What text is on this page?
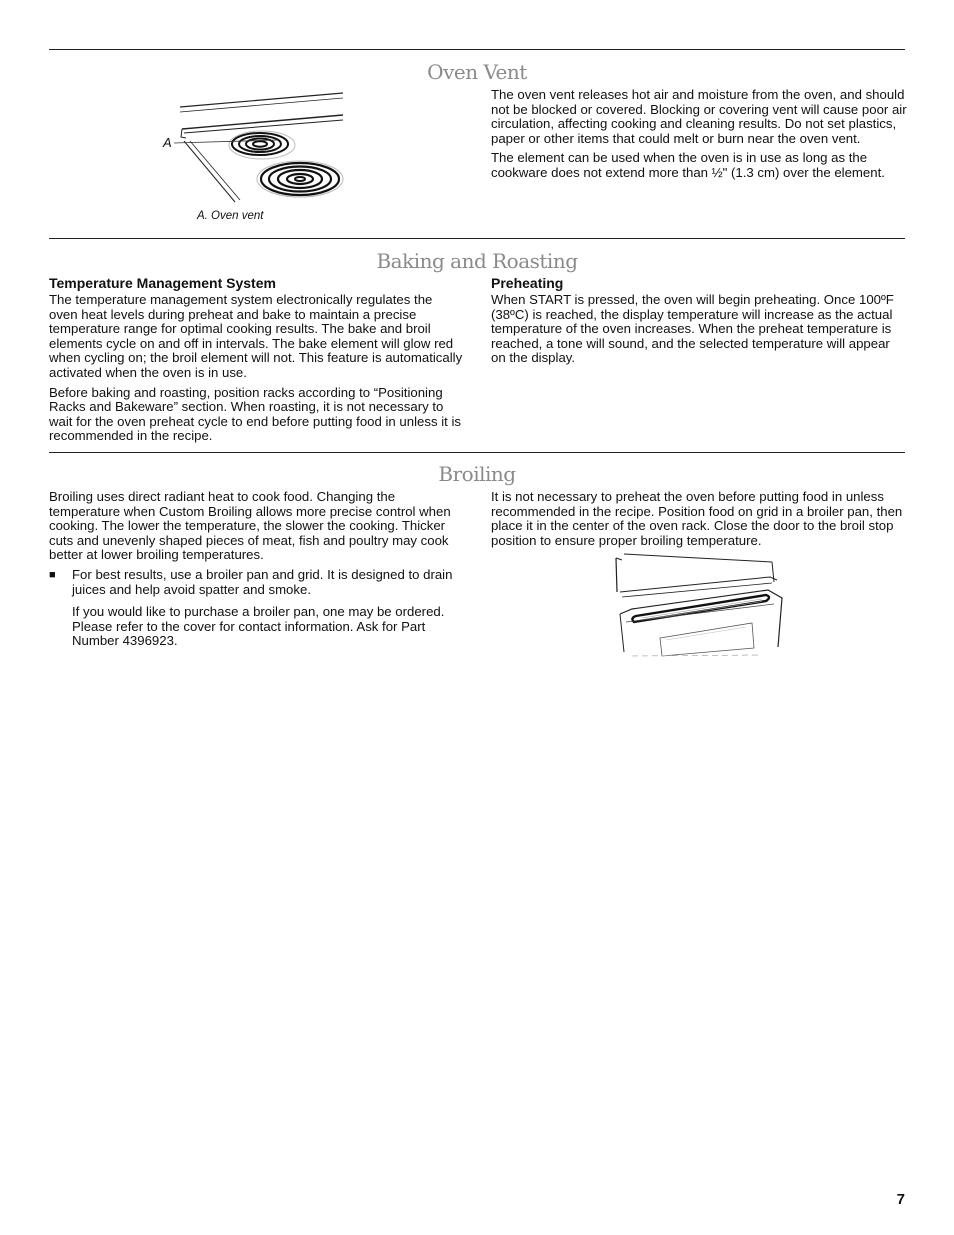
Oven Vent
A
A. Oven vent

The oven vent releases hot air and moisture from the oven, and should not be blocked or covered. Blocking or covering vent will cause poor air circulation, affecting cooking and cleaning results. Do not set plastics, paper or other items that could melt or burn near the oven vent.

The element can be used when the oven is in use as long as the cookware does not extend more than ½" (1.3 cm) over the element.

Baking and Roasting
Temperature Management System

The temperature management system electronically regulates the oven heat levels during preheat and bake to maintain a precise temperature range for optimal cooking results. The bake and broil elements cycle on and off in intervals. The bake element will glow red when cycling on; the broil element will not. This feature is automatically activated when the oven is in use.

Before baking and roasting, position racks according to “Positioning Racks and Bakeware” section. When roasting, it is not necessary to wait for the oven preheat cycle to end before putting food in unless it is recommended in the recipe.

Preheating

When START is pressed, the oven will begin preheating. Once 100ºF (38ºC) is reached, the display temperature will increase as the actual temperature of the oven increases. When the preheat temperature is reached, a tone will sound, and the selected temperature will appear on the display.

Broiling

Broiling uses direct radiant heat to cook food. Changing the temperature when Custom Broiling allows more precise control when cooking. The lower the temperature, the slower the cooking. Thicker cuts and unevenly shaped pieces of meat, fish and poultry may cook better at lower broiling temperatures.

■	For best results, use a broiler pan and grid. It is designed to drain juices and help avoid spatter and smoke.

If you would like to purchase a broiler pan, one may be ordered. Please refer to the cover for contact information. Ask for Part Number 4396923.

It is not necessary to preheat the oven before putting food in unless recommended in the recipe. Position food on grid in a broiler pan, then place it in the center of the oven rack. Close the door to the broil stop position to ensure proper broiling temperature.

7
